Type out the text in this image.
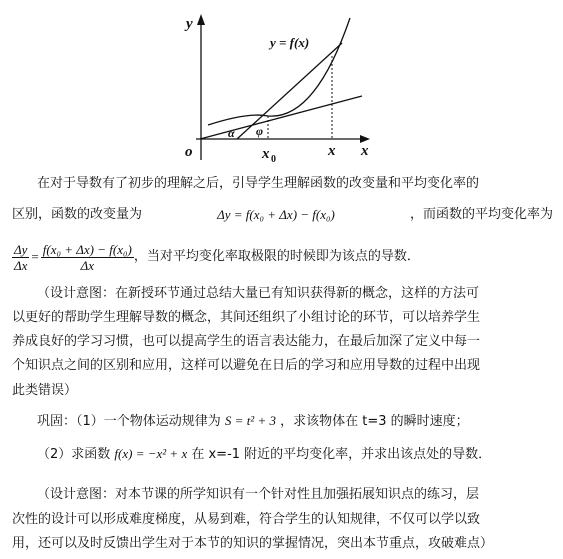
y
x
o	x 0
x
y = f(x)
α φ
在对于导数有了初步的理解之后，引导学生理解函数的改变量和平均变化率的
区别，函数的改变量为	Δy = f(x₀ + Δx) − f(x₀)	，而函数的平均变化率为
$\frac{\Delta y}{\Delta x} = \frac{\text{f(x₀ + Δx) − f(x₀)}}{\Delta x}$ ，当对平均变化率取极限的时候即为该点的导数．
（设计意图：在新授环节通过总结大量已有知识获得新的概念，这样的方法可
以更好的帮助学生理解导数的概念，其间还组织了小组讨论的环节，可以培养学生
养成良好的学习习惯，也可以提高学生的语言表达能力，在最后加深了定义中每一
个知识点之间的区别和应用，这样可以避免在日后的学习和应用导数的过程中出现
此类错误）
巩固：（1）一个物体运动规律为 S = t² + 3 ，求该物体在 t=3 的瞬时速度；
（2）求函数 f(x) = −x² + x 在 x=-1 附近的平均变化率，并求出该点处的导数．
（设计意图：对本节课的所学知识有一个针对性且加强拓展知识点的练习，层
次性的设计可以形成难度梯度，从易到难，符合学生的认知规律，不仅可以学以致
用，还可以及时反馈出学生对于本节的知识的掌握情况，突出本节重点，攻破难点）
